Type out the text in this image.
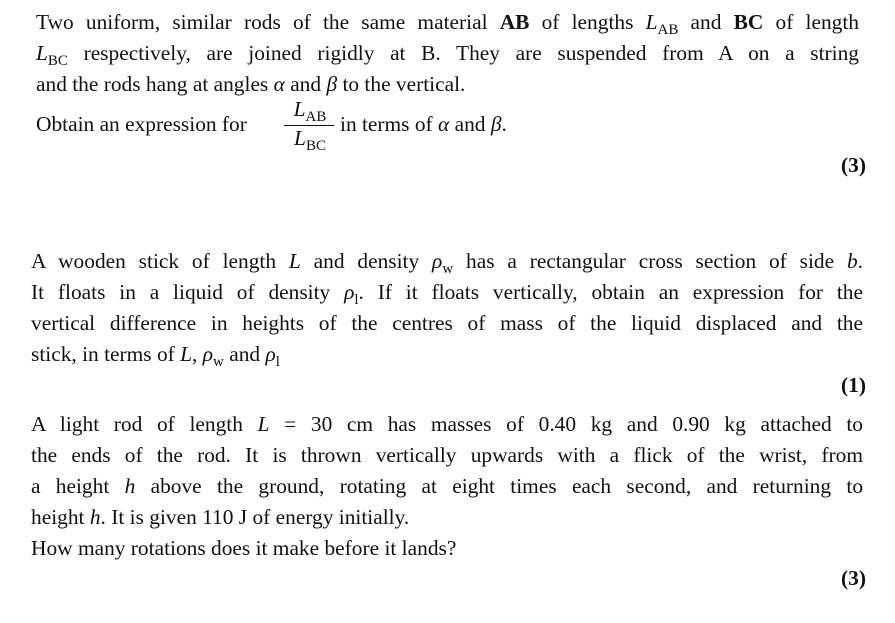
Two uniform, similar rods of the same material AB of lengths $L_{AB}$ and BC of length
$L_{BC}$ respectively, are joined rigidly at B. They are suspended from A on a string
and the rods hang at angles α and β to the vertical.
Obtain an expression for
$L_{AB}$
$L_{BC}$
in terms of α and β.
(3)
A wooden stick of length L and density $\rho_w$ has a rectangular cross section of side b.
It floats in a liquid of density $\rho_l$. If it floats vertically, obtain an expression for the
vertical difference in heights of the centres of mass of the liquid displaced and the
stick, in terms of L, $\rho_w$ and $\rho_l$
(1)
A light rod of length L = 30 cm has masses of 0.40 kg and 0.90 kg attached to
the ends of the rod. It is thrown vertically upwards with a flick of the wrist, from
a height h above the ground, rotating at eight times each second, and returning to
height h. It is given 110 J of energy initially.
How many rotations does it make before it lands?
(3)
